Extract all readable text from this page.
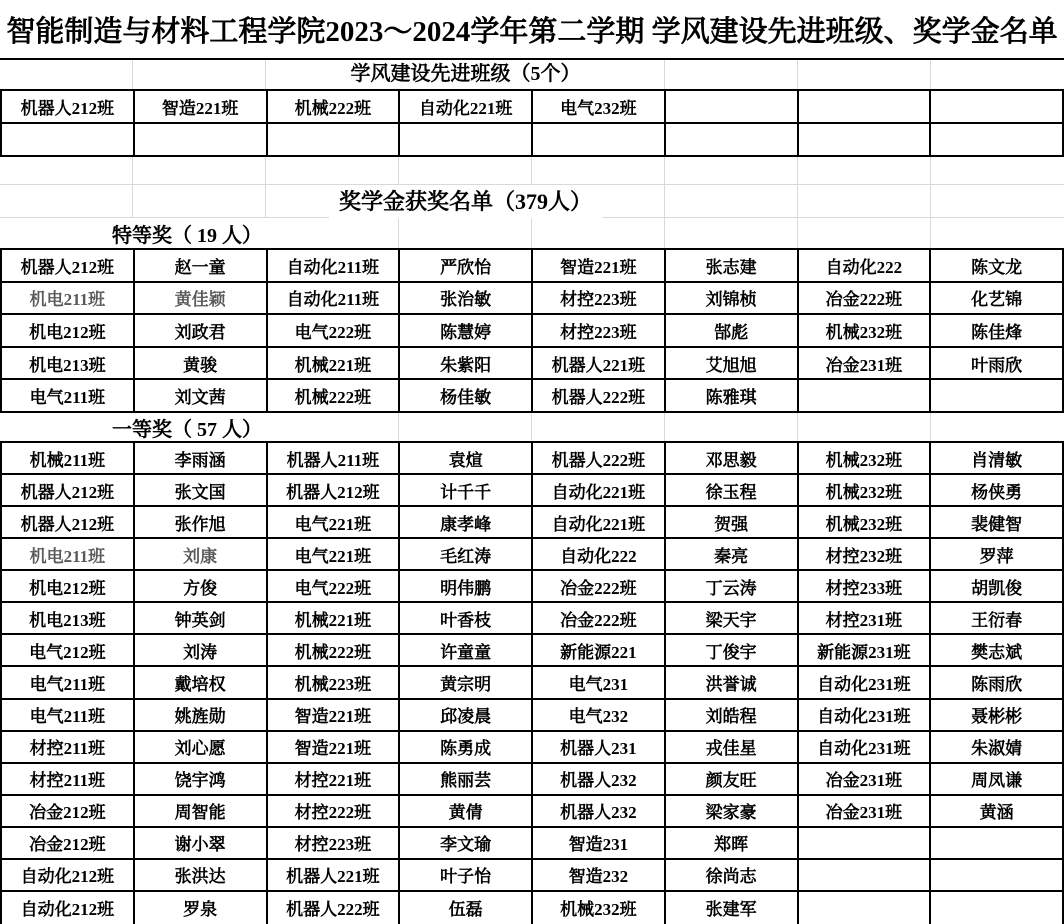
智能制造与材料工程学院2023～2024学年第二学期 学风建设先进班级、奖学金名单
学风建设先进班级（5个）
机器人212班	智造221班	机械222班	自动化221班	电气232班
奖学金获奖名单（379人）
特等奖（ 19 人）
机器人212班	赵一童	自动化211班	严欣怡	智造221班	张志建	自动化222	陈文龙
机电211班	黄佳颖	自动化211班	张治敏	材控223班	刘锦桢	冶金222班	化艺锦
机电212班	刘政君	电气222班	陈慧婷	材控223班	郜彪	机械232班	陈佳烽
机电213班	黄骏	机械221班	朱紫阳	机器人221班	艾旭旭	冶金231班	叶雨欣
电气211班	刘文茜	机械222班	杨佳敏	机器人222班	陈雅琪
一等奖（ 57 人）
机械211班	李雨涵	机器人211班	袁煊	机器人222班	邓思毅	机械232班	肖清敏
机器人212班	张文国	机器人212班	计千千	自动化221班	徐玉程	机械232班	杨侠勇
机器人212班	张作旭	电气221班	康孝峰	自动化221班	贺强	机械232班	裴健智
机电211班	刘康	电气221班	毛红涛	自动化222	秦亮	材控232班	罗萍
机电212班	方俊	电气222班	明伟鹏	冶金222班	丁云涛	材控233班	胡凯俊
机电213班	钟英剑	机械221班	叶香枝	冶金222班	梁天宇	材控231班	王衍春
电气212班	刘涛	机械222班	许童童	新能源221	丁俊宇	新能源231班	樊志斌
电气211班	戴培权	机械223班	黄宗明	电气231	洪誉诚	自动化231班	陈雨欣
电气211班	姚旌勋	智造221班	邱凌晨	电气232	刘皓程	自动化231班	聂彬彬
材控211班	刘心愿	智造221班	陈勇成	机器人231	戎佳星	自动化231班	朱淑婧
材控211班	饶宇鸿	材控221班	熊丽芸	机器人232	颜友旺	冶金231班	周凤谦
冶金212班	周智能	材控222班	黄倩	机器人232	梁家豪	冶金231班	黄涵
冶金212班	谢小翠	材控223班	李文瑜	智造231	郑晖
自动化212班	张洪达	机器人221班	叶子怡	智造232	徐尚志
自动化212班	罗泉	机器人222班	伍磊	机械232班	张建军
